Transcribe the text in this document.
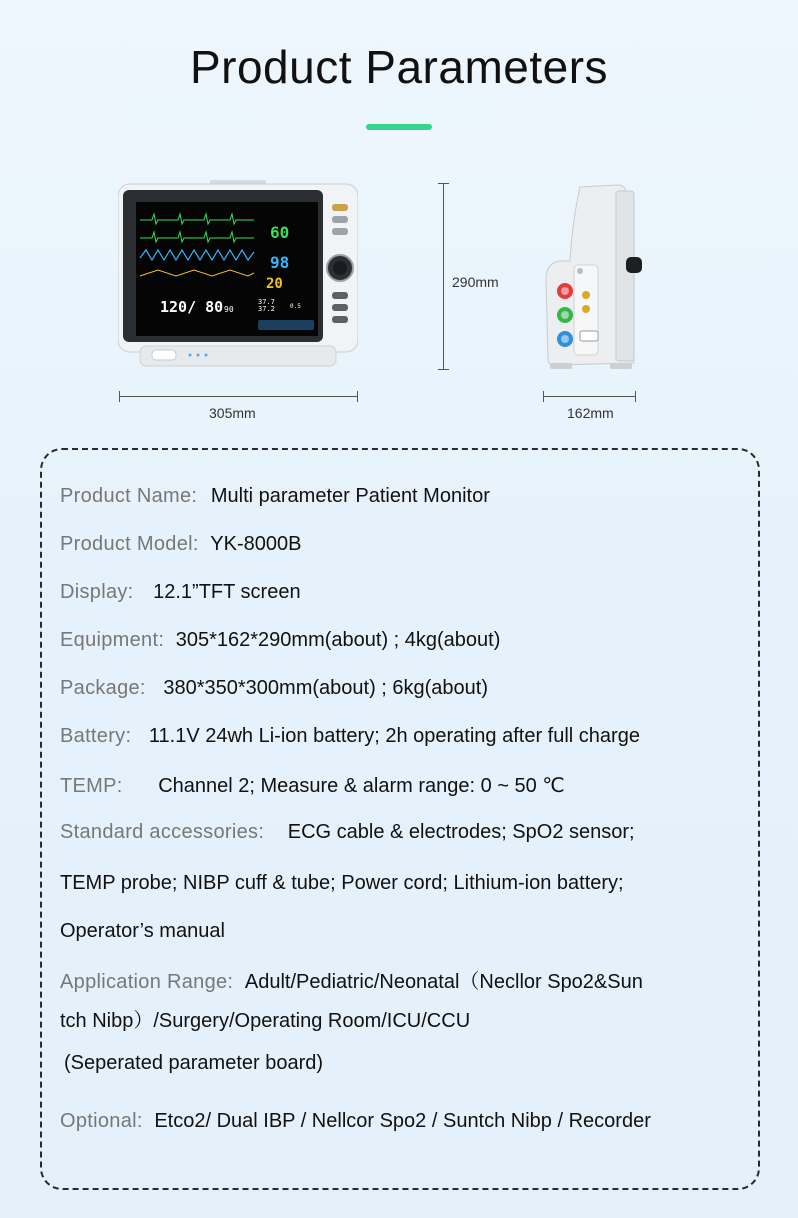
Product Parameters
60
98
20
120/ 80 90
37.7
37.2	0.5
305mm
290mm
162mm
Product Name: Multi parameter Patient Monitor
Product Model: YK-8000B
Display: 12.1”TFT screen
Equipment: 305*162*290mm(about) ; 4kg(about)
Package: 380*350*300mm(about) ; 6kg(about)
Battery: 11.1V 24wh Li-ion battery; 2h operating after full charge
TEMP: Channel 2; Measure & alarm range: 0 ~ 50 ℃
Standard accessories: ECG cable & electrodes; SpO2 sensor;
TEMP probe; NIBP cuff & tube; Power cord; Lithium-ion battery;
Operator’s manual
Application Range: Adult/Pediatric/Neonatal（Necllor Spo2&Sun
tch Nibp）/Surgery/Operating Room/ICU/CCU
(Seperated parameter board)
Optional: Etco2/ Dual IBP / Nellcor Spo2 / Suntch Nibp / Recorder
